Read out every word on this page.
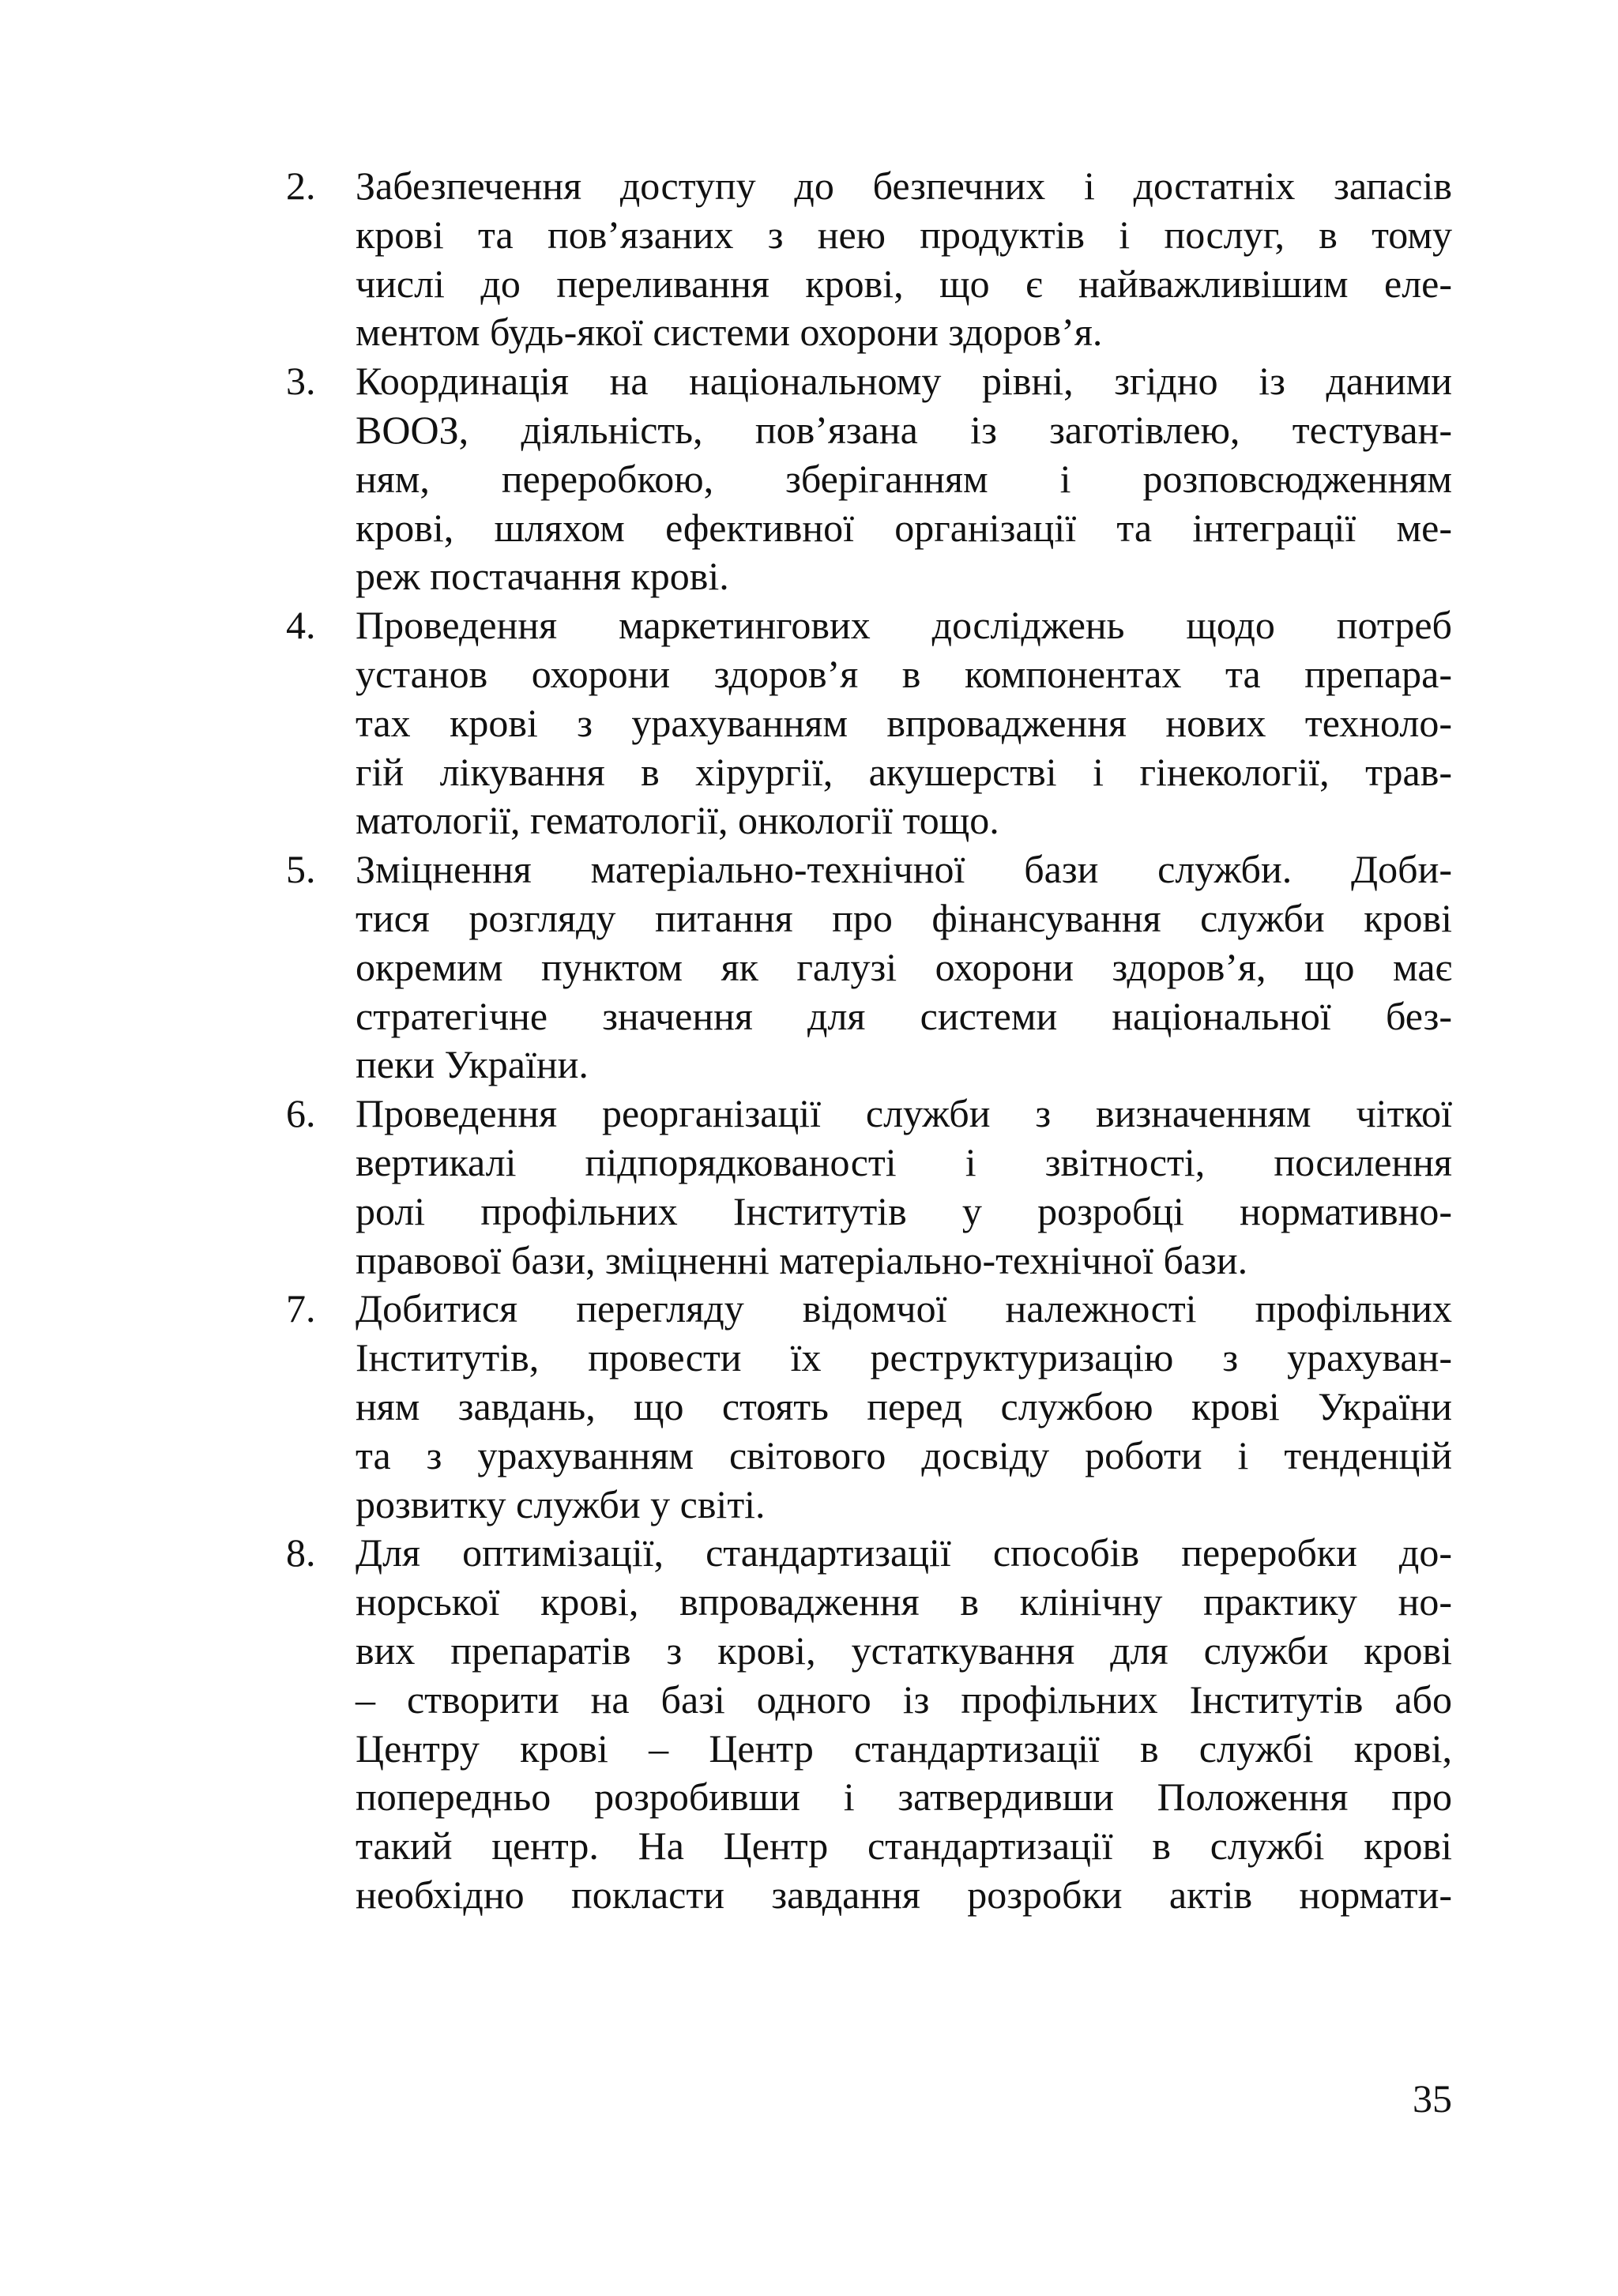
2.	Забезпечення доступу до безпечних і достатніх запасів
крові та пов’язаних з нею продуктів і послуг, в тому
числі до переливання крові, що є найважливішим еле-
ментом будь-якої системи охорони здоров’я.
3.	Координація на національному рівні, згідно із даними
ВООЗ, діяльність, пов’язана із заготівлею, тестуван-
ням, переробкою, зберіганням і розповсюдженням
крові, шляхом ефективної організації та інтеграції ме-
реж постачання крові.
4.	Проведення маркетингових досліджень щодо потреб
установ охорони здоров’я в компонентах та препара-
тах крові з урахуванням впровадження нових техноло-
гій лікування в хірургії, акушерстві і гінекології, трав-
матології, гематології, онкології тощо.
5.	Зміцнення матеріально-технічної бази служби. Доби-
тися розгляду питання про фінансування служби крові
окремим пунктом як галузі охорони здоров’я, що має
стратегічне значення для системи національної без-
пеки України.
6.	Проведення реорганізації служби з визначенням чіткої
вертикалі підпорядкованості і звітності, посилення
ролі профільних Інститутів у розробці нормативно-
правової бази, зміцненні матеріально-технічної бази.
7.	Добитися перегляду відомчої належності профільних
Інститутів, провести їх реструктуризацію з урахуван-
ням завдань, що стоять перед службою крові України
та з урахуванням світового досвіду роботи і тенденцій
розвитку служби у світі.
8.	Для оптимізації, стандартизації способів переробки до-
норської крові, впровадження в клінічну практику но-
вих препаратів з крові, устаткування для служби крові
– створити на базі одного із профільних Інститутів або
Центру крові – Центр стандартизації в службі крові,
попередньо розробивши і затвердивши Положення про
такий центр. На Центр стандартизації в службі крові
необхідно покласти завдання розробки актів нормати-
35
